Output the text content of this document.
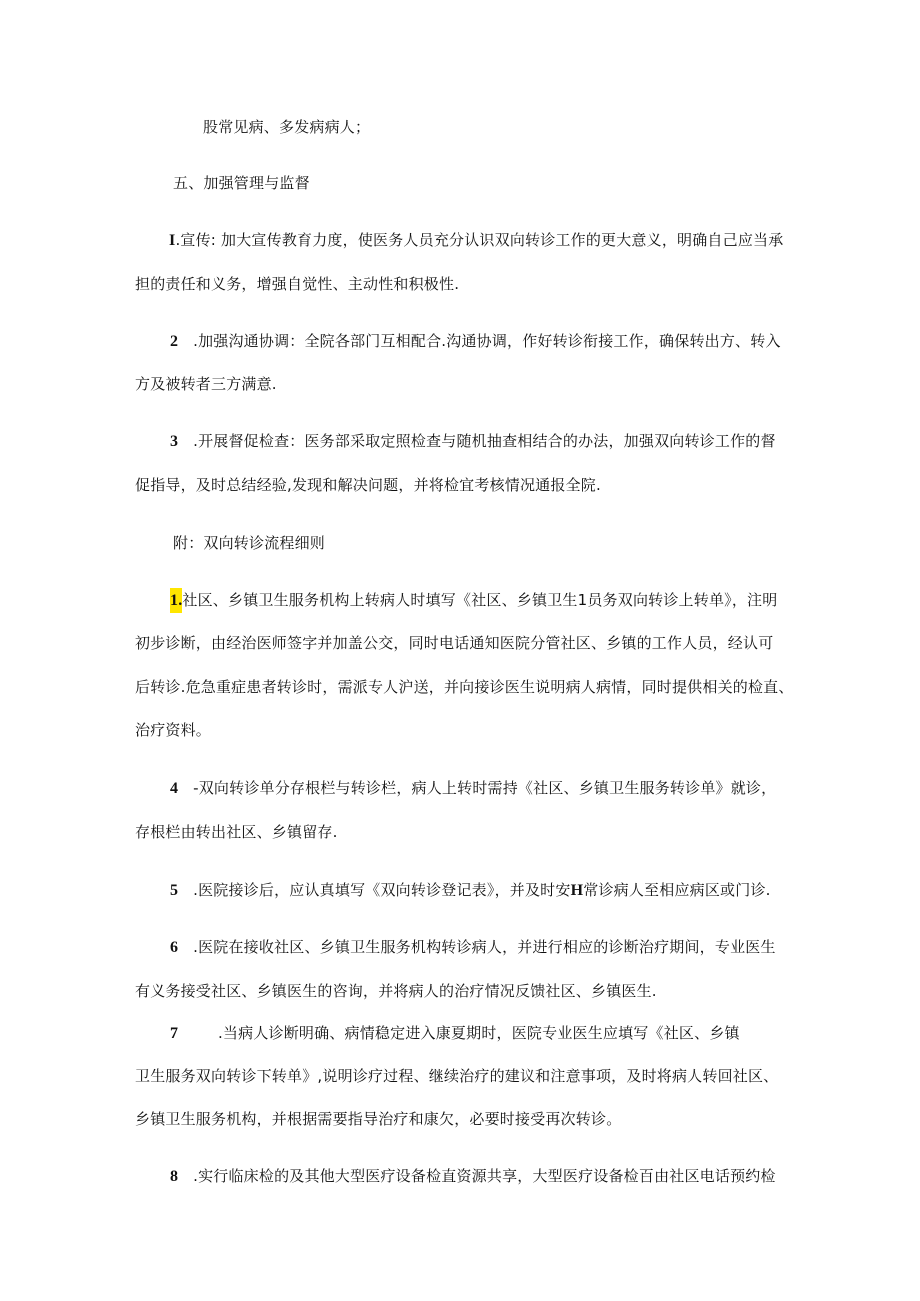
股常见病、多发病病人；
五、加强管理与监督
I.宣传: 加大宣传教育力度，使医务人员充分认识双向转诊工作的更大意义，明确自己应当承
担的责任和义务，增强自觉性、主动性和积极性.
2 .加强沟通协调：全院各部门互相配合.沟通协调，作好转诊衔接工作，确保转出方、转入
方及被转者三方满意.
3 .开展督促检查：医务部采取定照检查与随机抽查相结合的办法，加强双向转诊工作的督
促指导，及时总结经验,发现和解决问题，并将检宜考核情况通报全院.
附：双向转诊流程细则
1.社区、乡镇卫生服务机构上转病人时填写《社区、乡镇卫生1员务双向转诊上转单》，注明
初步诊断，由经治医师签字并加盖公交，同时电话通知医院分管社区、乡镇的工作人员，经认可
后转诊.危急重症患者转诊时，需派专人沪送，并向接诊医生说明病人病情，同时提供相关的检直、
治疗资料。
4 -双向转诊单分存根栏与转诊栏，病人上转时需持《社区、乡镇卫生服务转诊单》就诊，
存根栏由转出社区、乡镇留存.
5 .医院接诊后，应认真填写《双向转诊登记表》，并及时安H常诊病人至相应病区或门诊.
6 .医院在接收社区、乡镇卫生服务机构转诊病人，并进行相应的诊断治疗期间，专业医生
有义务接受社区、乡镇医生的咨询，并将病人的治疗情况反馈社区、乡镇医生.
7	.当病人诊断明确、病情稳定进入康夏期时，医院专业医生应填写《社区、乡镇
卫生服务双向转诊下转单》,说明诊疗过程、继续治疗的建议和注意事项，及时将病人转回社区、
乡镇卫生服务机构，并根据需要指导治疗和康欠，必要时接受再次转诊。
8 .实行临床检的及其他大型医疗设备检直资源共享，大型医疗设备检百由社区电话预约检
